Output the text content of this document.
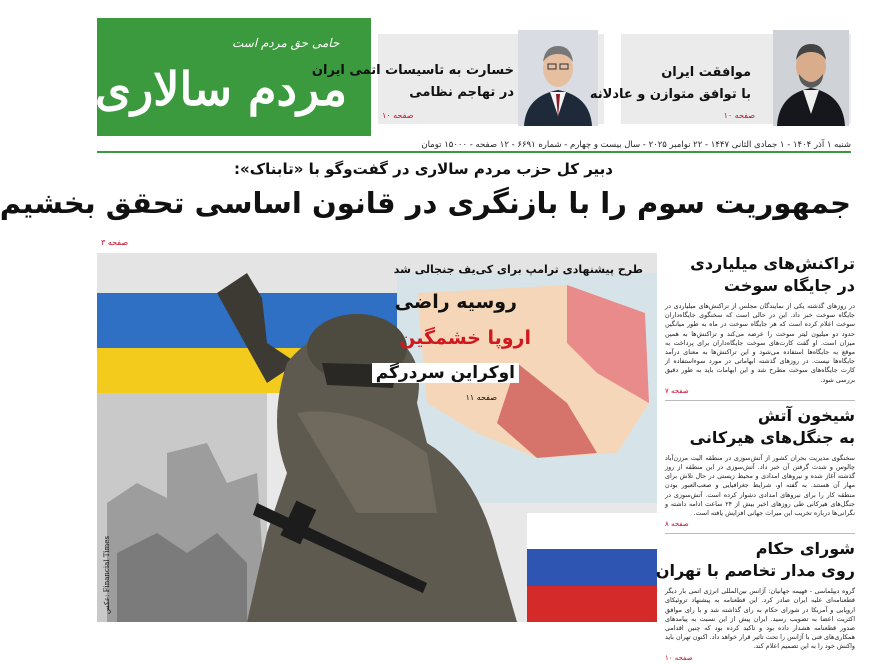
حامی حق مردم است
مردم سالاری
خسارت به تاسیسات اتمی ایران
در تهاجم نظامی
صفحه ۱۰
موافقت ایران
با توافق متوازن و عادلانه
صفحه ۱۰
شنبه ۱ آذر ۱۴۰۴ - ۱ جمادی الثانی ۱۴۴۷ - ۲۲ نوامبر ۲۰۲۵ - سال بیست و چهارم - شماره ۶۶۹۱ - ۱۲ صفحه - ۱۵۰۰۰ تومان
دبیر کل حزب مردم سالاری در گفت‌وگو با «تابناک»:
جمهوریت سوم را با بازنگری در قانون اساسی تحقق بخشیم
صفحه ۳
طرح پیشنهادی ترامپ برای کی‌یف جنجالی شد
روسیه راضی
اروپا خشمگین
اوکراین سردرگم
صفحه ۱۱
Financial Times :عکس
تراکنش‌های میلیاردی
در جایگاه سوخت
در روزهای گذشته یکی از نمایندگان مجلس از تراکنش‌های میلیاردی در جایگاه سوخت خبر داد. این در حالی است که سخنگوی جایگاه‌داران سوخت اعلام کرده است که هر جایگاه سوخت در ماه به طور میانگین حدود دو میلیون لیتر سوخت را عرضه می‌کند و تراکنش‌ها به همین میزان است. او گفت کارت‌های سوخت جایگاه‌داران برای پرداخت به موقع به جایگاه‌ها استفاده می‌شود و این تراکنش‌ها به معنای درآمد جایگاه‌ها نیست. در روزهای گذشته ابهاماتی در مورد سوءاستفاده از کارت جایگاه‌های سوخت مطرح شد و این ابهامات باید به طور دقیق بررسی شود.
صفحه ۷
شیخون آتش
به جنگل‌های هیرکانی
سخنگوی مدیریت بحران کشور از آتش‌سوزی در منطقه الیت مرزن‌آباد چالوس و شدت گرفتن آن خبر داد. آتش‌سوزی در این منطقه از روز گذشته آغاز شده و نیروهای امدادی و محیط زیستی در حال تلاش برای مهار آن هستند. به گفته او، شرایط جغرافیایی و صعب‌العبور بودن منطقه کار را برای نیروهای امدادی دشوار کرده است. آتش‌سوزی در جنگل‌های هیرکانی طی روزهای اخیر بیش از ۲۴ ساعت ادامه داشته و نگرانی‌ها درباره تخریب این میراث جهانی افزایش یافته است.
صفحه ۸
شورای حکام
روی مدار تخاصم با تهران
گروه دیپلماسی - فهیمه جهانیان: آژانس بین‌المللی انرژی اتمی بار دیگر قطعنامه‌ای علیه ایران صادر کرد. این قطعنامه به پیشنهاد تروئیکای اروپایی و آمریکا در شورای حکام به رای گذاشته شد و با رای موافق اکثریت اعضا به تصویب رسید. ایران پیش از این نسبت به پیامدهای صدور قطعنامه هشدار داده بود و تاکید کرده بود که چنین اقدامی همکاری‌های فنی با آژانس را تحت تاثیر قرار خواهد داد. اکنون تهران باید واکنش خود را به این تصمیم اعلام کند.
صفحه ۱۰
